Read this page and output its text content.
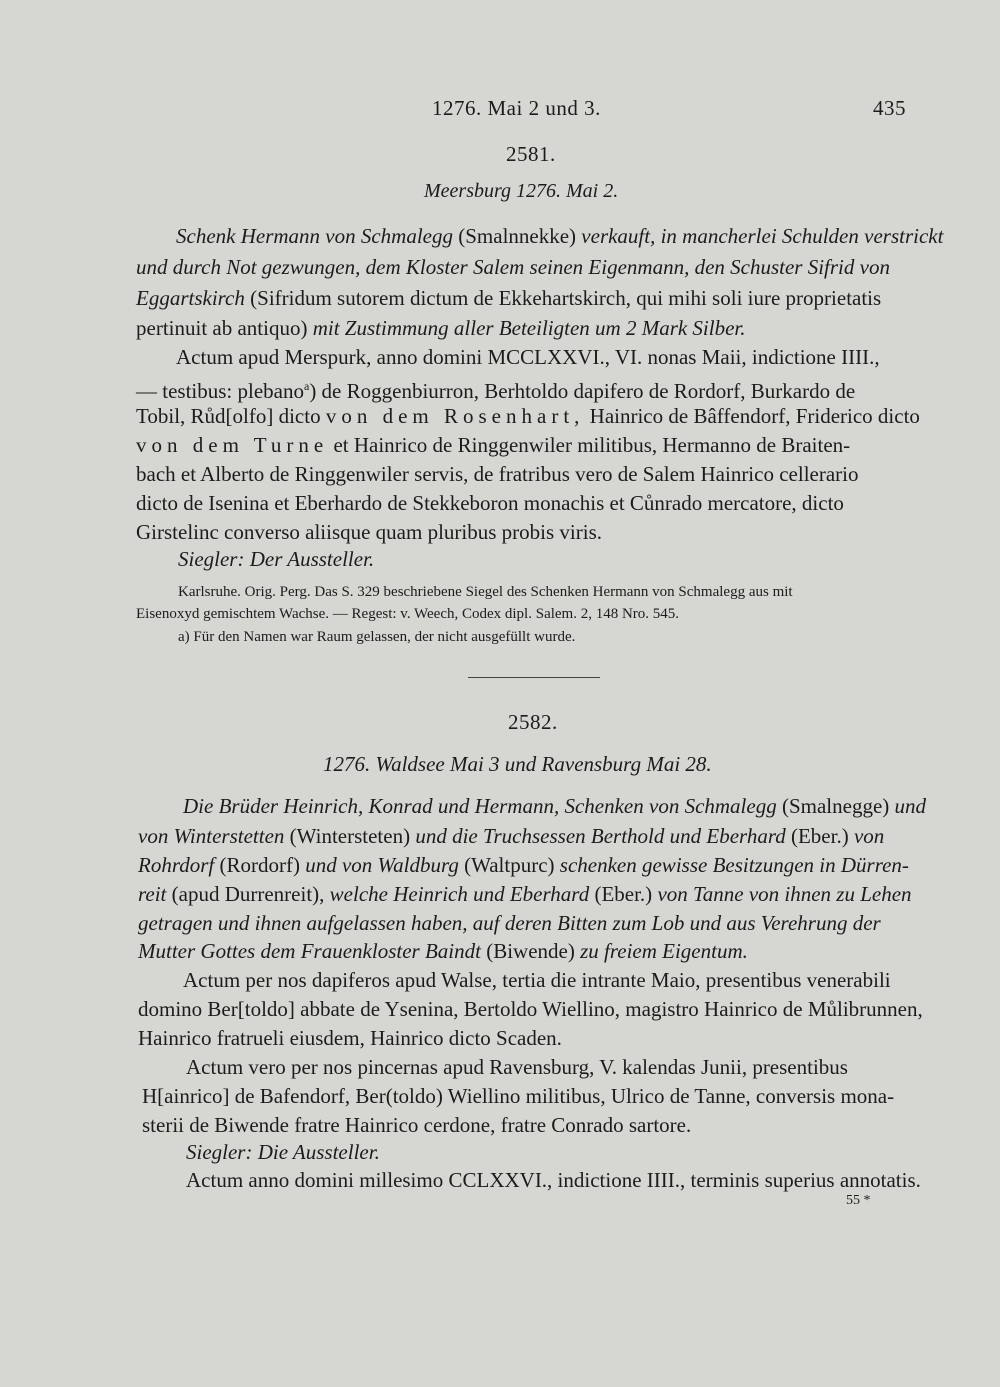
1276. Mai 2 und 3.	435
2581.
Meersburg 1276. Mai 2.
Schenk Hermann von Schmalegg (Smalnnekke) verkauft, in mancherlei Schulden verstrickt
und durch Not gezwungen, dem Kloster Salem seinen Eigenmann, den Schuster Sifrid von
Eggartskirch (Sifridum sutorem dictum de Ekkehartskirch, qui mihi soli iure proprietatis
pertinuit ab antiquo) mit Zustimmung aller Beteiligten um 2 Mark Silber.
Actum apud Merspurk, anno domini MCCLXXVI., VI. nonas Maii, indictione IIII.,
— testibus: plebano$^a$) de Roggenbiurron, Berhtoldo dapifero de Rordorf, Burkardo de
Tobil, Růd[olfo] dicto von dem Rosenhart, Hainrico de Bâffendorf, Friderico dicto
von dem Turne et Hainrico de Ringgenwiler militibus, Hermanno de Braiten-
bach et Alberto de Ringgenwiler servis, de fratribus vero de Salem Hainrico cellerario
dicto de Isenina et Eberhardo de Stekkeboron monachis et Cůnrado mercatore, dicto
Girstelinc converso aliisque quam pluribus probis viris.
Siegler: Der Aussteller.
Karlsruhe. Orig. Perg. Das S. 329 beschriebene Siegel des Schenken Hermann von Schmalegg aus mit
Eisenoxyd gemischtem Wachse. — Regest: v. Weech, Codex dipl. Salem. 2, 148 Nro. 545.
a) Für den Namen war Raum gelassen, der nicht ausgefüllt wurde.
2582.
1276. Waldsee Mai 3 und Ravensburg Mai 28.
Die Brüder Heinrich, Konrad und Hermann, Schenken von Schmalegg (Smalnegge) und
von Winterstetten (Wintersteten) und die Truchsessen Berthold und Eberhard (Eber.) von
Rohrdorf (Rordorf) und von Waldburg (Waltpurc) schenken gewisse Besitzungen in Dürren-
reit (apud Durrenreit), welche Heinrich und Eberhard (Eber.) von Tanne von ihnen zu Lehen
getragen und ihnen aufgelassen haben, auf deren Bitten zum Lob und aus Verehrung der
Mutter Gottes dem Frauenkloster Baindt (Biwende) zu freiem Eigentum.
Actum per nos dapiferos apud Walse, tertia die intrante Maio, presentibus venerabili
domino Ber[toldo] abbate de Ysenina, Bertoldo Wiellino, magistro Hainrico de Můlibrunnen,
Hainrico fratrueli eiusdem, Hainrico dicto Scaden.
Actum vero per nos pincernas apud Ravensburg, V. kalendas Junii, presentibus
H[ainrico] de Bafendorf, Ber(toldo) Wiellino militibus, Ulrico de Tanne, conversis mona-
sterii de Biwende fratre Hainrico cerdone, fratre Conrado sartore.
Siegler: Die Aussteller.
Actum anno domini millesimo CCLXXVI., indictione IIII., terminis superius annotatis.
55 *
